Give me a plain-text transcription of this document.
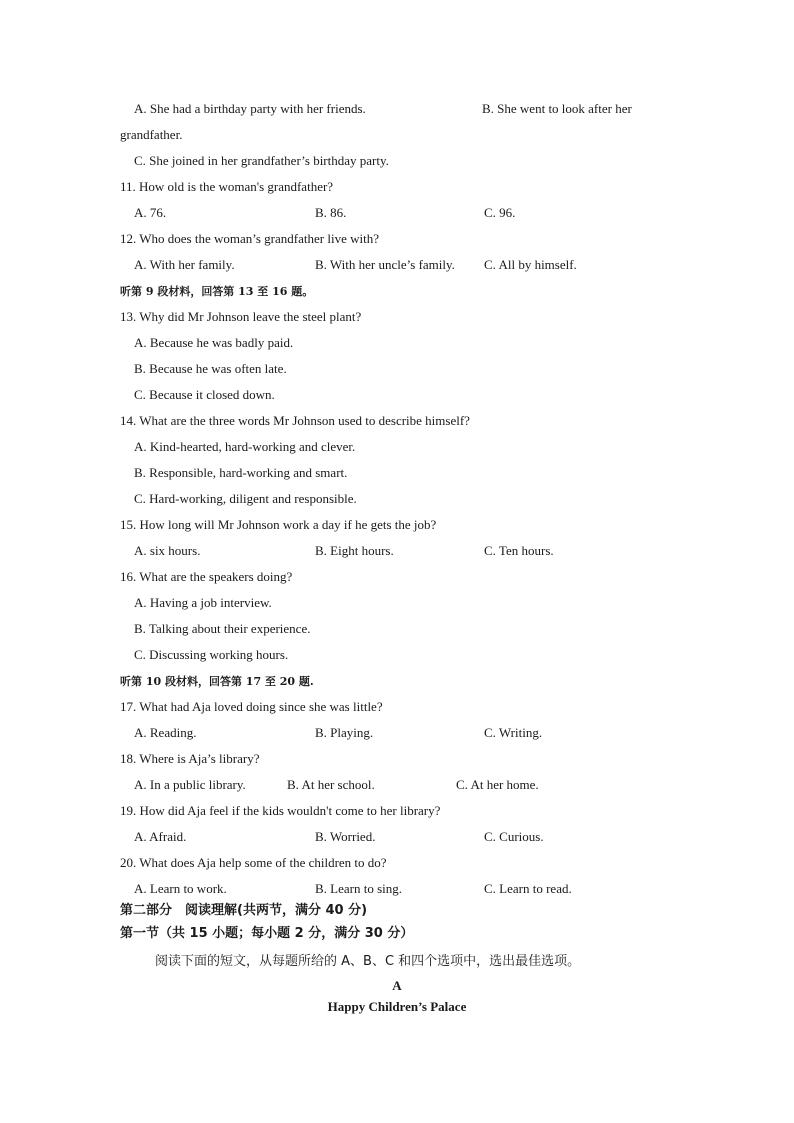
A. She had a birthday party with her friends.	B. She went to look after her
grandfather.
C. She joined in her grandfather’s birthday party.
11. How old is the woman's grandfather?
A. 76.	B. 86.	C. 96.
12. Who does the woman’s grandfather live with?
A. With her family.	B. With her uncle’s family. C. All by himself.
听第 9 段材料，回答第 13 至 16 题。
13. Why did Mr Johnson leave the steel plant?
A. Because he was badly paid.
B. Because he was often late.
C. Because it closed down.
14. What are the three words Mr Johnson used to describe himself?
A. Kind-hearted, hard-working and clever.
B. Responsible, hard-working and smart.
C. Hard-working, diligent and responsible.
15. How long will Mr Johnson work a day if he gets the job?
A. six hours.	B. Eight hours.	C. Ten hours.
16. What are the speakers doing?
A. Having a job interview.
B. Talking about their experience.
C. Discussing working hours.
听第 10 段材料，回答第 17 至 20 题.
17. What had Aja loved doing since she was little?
A. Reading.	B. Playing.	C. Writing.
18. Where is Aja’s library?
A. In a public library.	B. At her school.	C. At her home.
19. How did Aja feel if the kids wouldn't come to her library?
A. Afraid.	B. Worried.	C. Curious.
20. What does Aja help some of the children to do?
A. Learn to work.	B. Learn to sing.	C. Learn to read.
第二部分　阅读理解(共两节，满分 40 分)
第一节（共 15 小题；每小题 2 分，满分 30 分）
阅读下面的短文，从每题所给的 A、B、C 和四个选项中，选出最佳选项。
A
Happy Children’s Palace
